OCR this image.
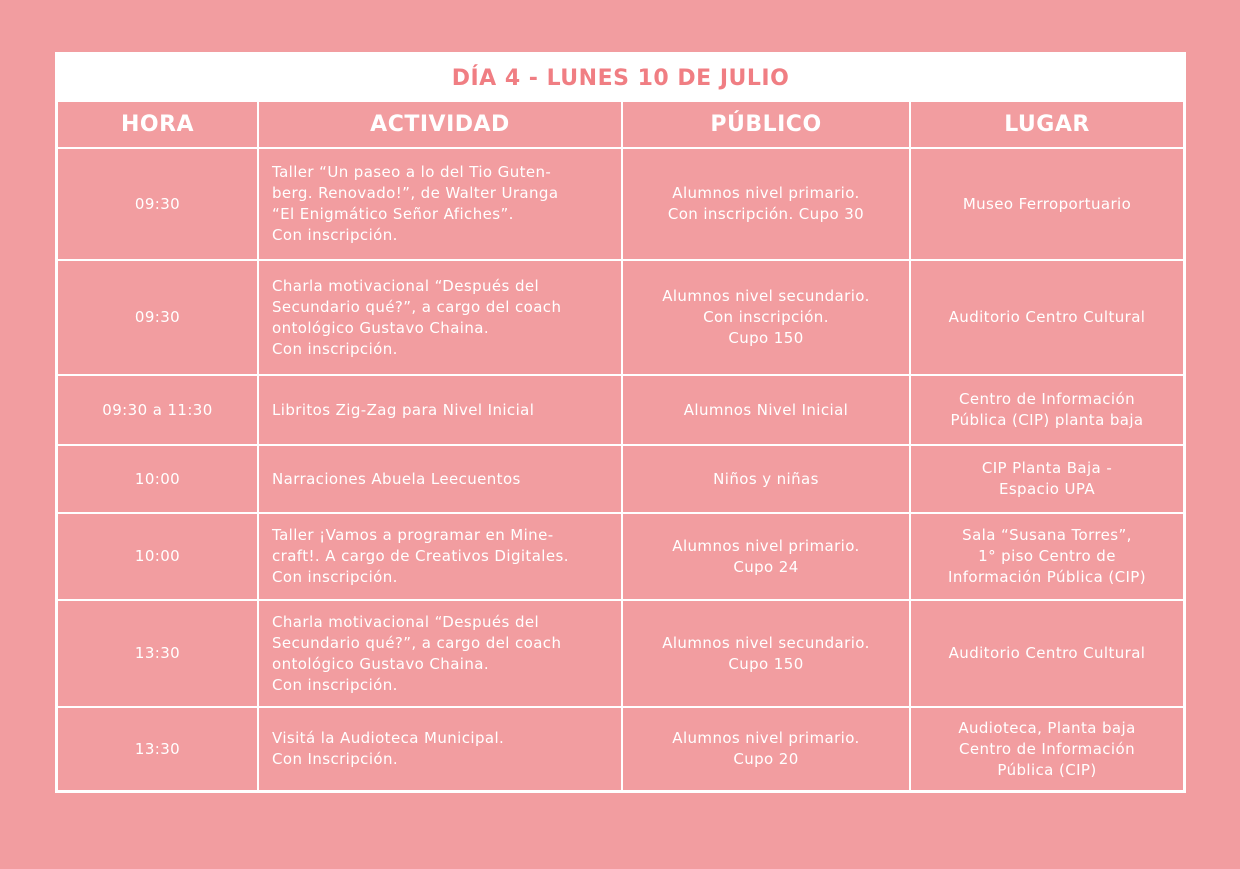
DÍA 4 - LUNES 10 DE JULIO
HORA	ACTIVIDAD	PÚBLICO	LUGAR
09:30	Taller “Un paseo a lo del Tio Guten-
berg. Renovado!”, de Walter Uranga
“El Enigmático Señor Afiches”.
Con inscripción.	Alumnos nivel primario.
Con inscripción. Cupo 30	Museo Ferroportuario

09:30	Charla motivacional “Después del
Secundario qué?”, a cargo del coach
ontológico Gustavo Chaina.
Con inscripción.	Alumnos nivel secundario.
Con inscripción.
Cupo 150	Auditorio Centro Cultural

09:30 a 11:30	Libritos Zig-Zag para Nivel Inicial	Alumnos Nivel Inicial	Centro de Información
Pública (CIP) planta baja

10:00	Narraciones Abuela Leecuentos	Niños y niñas	CIP Planta Baja -
Espacio UPA

10:00	Taller ¡Vamos a programar en Mine-
craft!. A cargo de Creativos Digitales.
Con inscripción.	Alumnos nivel primario.
Cupo 24	Sala “Susana Torres”,
1° piso Centro de
Información Pública (CIP)

13:30	Charla motivacional “Después del
Secundario qué?”, a cargo del coach
ontológico Gustavo Chaina.
Con inscripción.	Alumnos nivel secundario.
Cupo 150	Auditorio Centro Cultural

13:30	Visitá la Audioteca Municipal.
Con Inscripción.	Alumnos nivel primario.
Cupo 20	Audioteca, Planta baja
Centro de Información
Pública (CIP)
